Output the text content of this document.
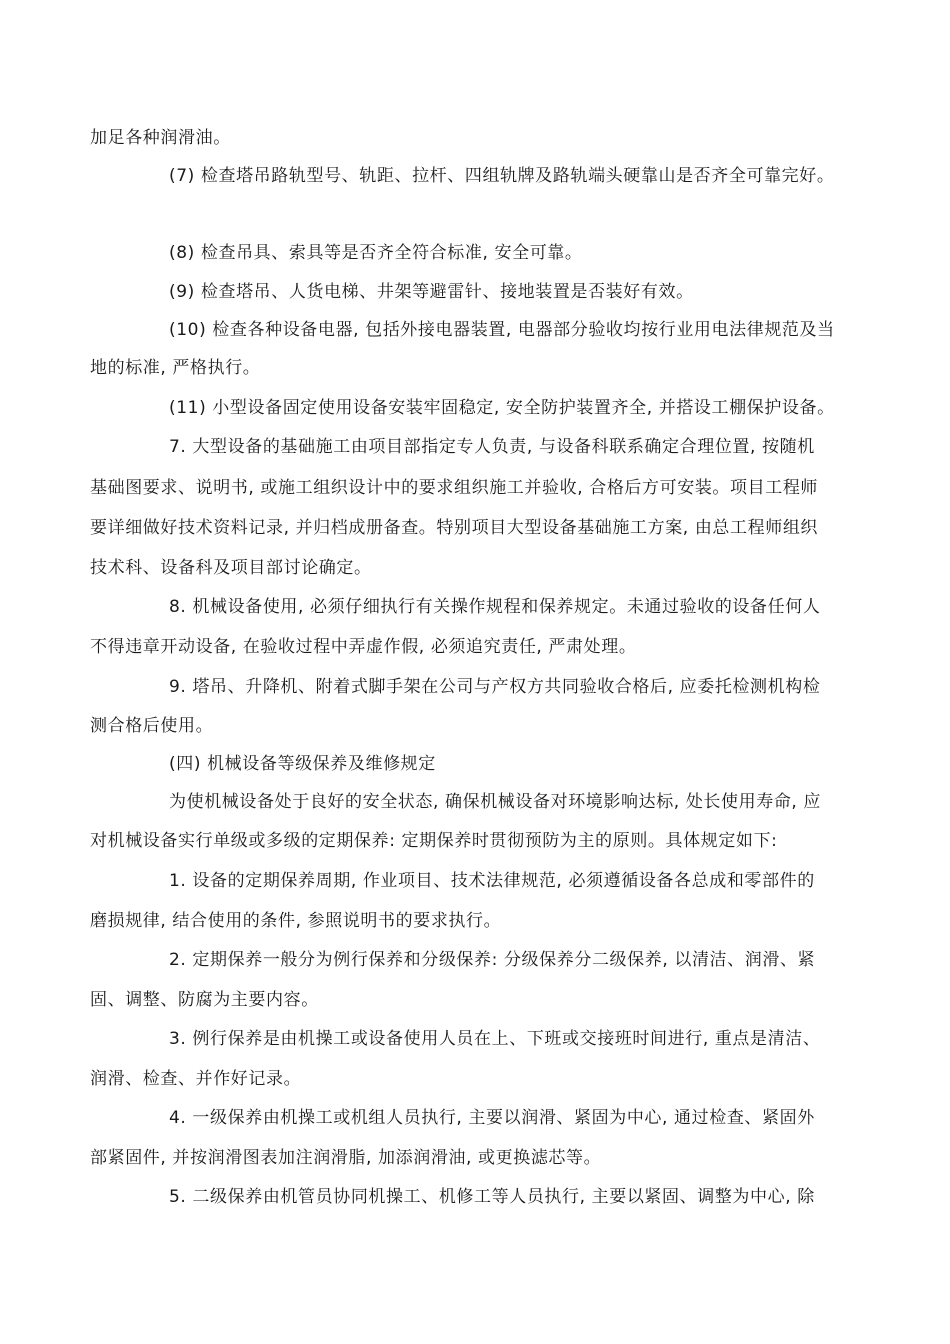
加足各种润滑油。
(7) 检查塔吊路轨型号、轨距、拉杆、四组轨牌及路轨端头硬靠山是否齐全可靠完好。
(8) 检查吊具、索具等是否齐全符合标准, 安全可靠。
(9) 检查塔吊、人货电梯、井架等避雷针、接地装置是否装好有效。
(10) 检查各种设备电器, 包括外接电器装置, 电器部分验收均按行业用电法律规范及当
地的标准, 严格执行。
(11) 小型设备固定使用设备安装牢固稳定, 安全防护装置齐全, 并搭设工棚保护设备。
7. 大型设备的基础施工由项目部指定专人负责, 与设备科联系确定合理位置, 按随机
基础图要求、说明书, 或施工组织设计中的要求组织施工并验收, 合格后方可安装。项目工程师
要详细做好技术资料记录, 并归档成册备查。特别项目大型设备基础施工方案, 由总工程师组织
技术科、设备科及项目部讨论确定。
8. 机械设备使用, 必须仔细执行有关操作规程和保养规定。未通过验收的设备任何人
不得违章开动设备, 在验收过程中弄虚作假, 必须追究责任, 严肃处理。
9. 塔吊、升降机、附着式脚手架在公司与产权方共同验收合格后, 应委托检测机构检
测合格后使用。
(四) 机械设备等级保养及维修规定
为使机械设备处于良好的安全状态, 确保机械设备对环境影响达标, 处长使用寿命, 应
对机械设备实行单级或多级的定期保养: 定期保养时贯彻预防为主的原则。具体规定如下:
1. 设备的定期保养周期, 作业项目、技术法律规范, 必须遵循设备各总成和零部件的
磨损规律, 结合使用的条件, 参照说明书的要求执行。
2. 定期保养一般分为例行保养和分级保养: 分级保养分二级保养, 以清洁、润滑、紧
固、调整、防腐为主要内容。
3. 例行保养是由机操工或设备使用人员在上、下班或交接班时间进行, 重点是清洁、
润滑、检查、并作好记录。
4. 一级保养由机操工或机组人员执行, 主要以润滑、紧固为中心, 通过检查、紧固外
部紧固件, 并按润滑图表加注润滑脂, 加添润滑油, 或更换滤芯等。
5. 二级保养由机管员协同机操工、机修工等人员执行, 主要以紧固、调整为中心, 除
